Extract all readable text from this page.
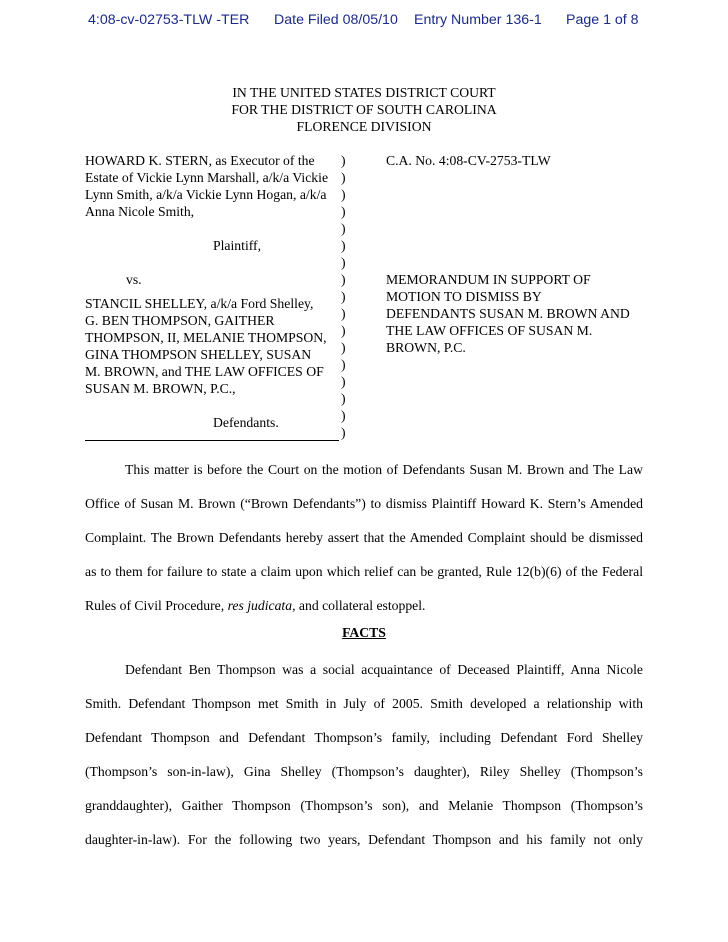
4:08-cv-02753-TLW -TER Date Filed 08/05/10 Entry Number 136-1 Page 1 of 8
IN THE UNITED STATES DISTRICT COURT
FOR THE DISTRICT OF SOUTH CAROLINA
FLORENCE DIVISION
HOWARD K. STERN, as Executor of the
Estate of Vickie Lynn Marshall, a/k/a Vickie
Lynn Smith, a/k/a Vickie Lynn Hogan, a/k/a
Anna Nicole Smith,
Plaintiff,
vs.
STANCIL SHELLEY, a/k/a Ford Shelley,
G. BEN THOMPSON, GAITHER
THOMPSON, II, MELANIE THOMPSON,
GINA THOMPSON SHELLEY, SUSAN
M. BROWN, and THE LAW OFFICES OF
SUSAN M. BROWN, P.C.,
Defendants.
)
)
)
)
)
)
)
)
)
)
)
)
)
)
)
)
)
C.A. No. 4:08-CV-2753-TLW
MEMORANDUM IN SUPPORT OF
MOTION TO DISMISS BY
DEFENDANTS SUSAN M. BROWN AND
THE LAW OFFICES OF SUSAN M.
BROWN, P.C.
This matter is before the Court on the motion of Defendants Susan M. Brown and The Law
Office of Susan M. Brown (“Brown Defendants”) to dismiss Plaintiff Howard K. Stern’s Amended
Complaint. The Brown Defendants hereby assert that the Amended Complaint should be dismissed
as to them for failure to state a claim upon which relief can be granted, Rule 12(b)(6) of the Federal
Rules of Civil Procedure, res judicata, and collateral estoppel.
FACTS
Defendant Ben Thompson was a social acquaintance of Deceased Plaintiff, Anna Nicole
Smith. Defendant Thompson met Smith in July of 2005. Smith developed a relationship with
Defendant Thompson and Defendant Thompson’s family, including Defendant Ford Shelley
(Thompson’s son-in-law), Gina Shelley (Thompson’s daughter), Riley Shelley (Thompson’s
granddaughter), Gaither Thompson (Thompson’s son), and Melanie Thompson (Thompson’s
daughter-in-law). For the following two years, Defendant Thompson and his family not only
